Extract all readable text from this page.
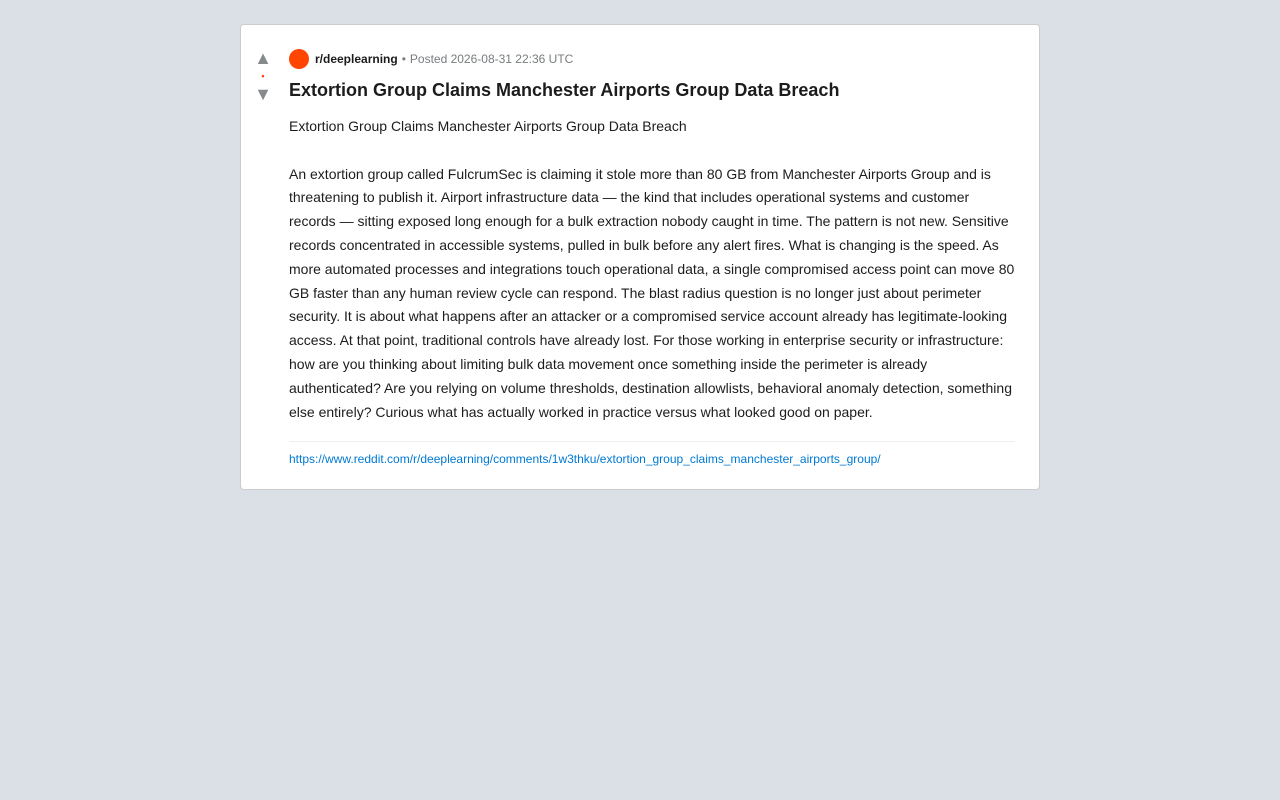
▲
•
▼
r/deeplearning • Posted 2026-08-31 22:36 UTC
Extortion Group Claims Manchester Airports Group Data Breach

Extortion Group Claims Manchester Airports Group Data Breach

An extortion group called FulcrumSec is claiming it stole more than 80 GB from Manchester Airports Group and is threatening to publish it. Airport infrastructure data — the kind that includes operational systems and customer records — sitting exposed long enough for a bulk extraction nobody caught in time. The pattern is not new. Sensitive records concentrated in accessible systems, pulled in bulk before any alert fires. What is changing is the speed. As more automated processes and integrations touch operational data, a single compromised access point can move 80 GB faster than any human review cycle can respond. The blast radius question is no longer just about perimeter security. It is about what happens after an attacker or a compromised service account already has legitimate-looking access. At that point, traditional controls have already lost. For those working in enterprise security or infrastructure: how are you thinking about limiting bulk data movement once something inside the perimeter is already authenticated? Are you relying on volume thresholds, destination allowlists, behavioral anomaly detection, something else entirely? Curious what has actually worked in practice versus what looked good on paper.

https://www.reddit.com/r/deeplearning/comments/1w3thku/extortion_group_claims_manchester_airports_group/
